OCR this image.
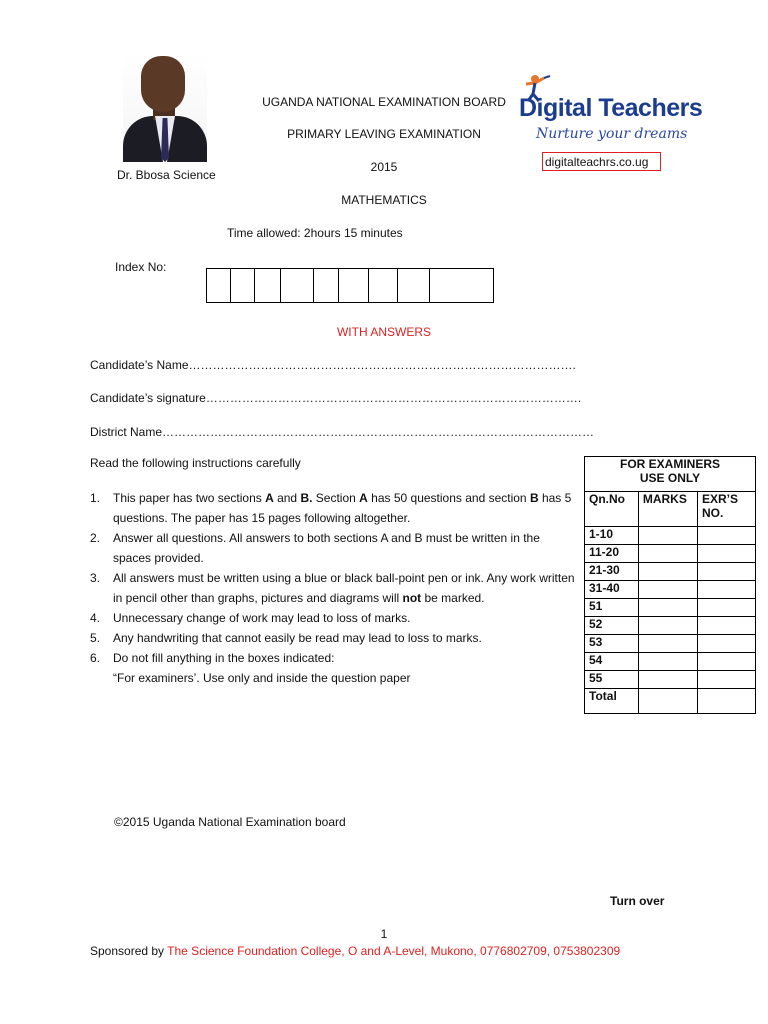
Dr. Bbosa Science
UGANDA NATIONAL EXAMINATION BOARD
PRIMARY LEAVING EXAMINATION
2015
MATHEMATICS
Time allowed: 2hours 15 minutes
Digital Teachers
Nurture your dreams
digitalteachrs.co.ug
Index No:
WITH ANSWERS
Candidate’s Name…………………………………………………………………………………….
Candidate’s signature………………………………………………………………………………….
District Name………………………………………………………………………………………………
Read the following instructions carefully
1.	This paper has two sections A and B. Section A has 50 questions and section B has 5 questions. The paper has 15 pages following altogether.
2.	Answer all questions. All answers to both sections A and B must be written in the spaces provided.
3.	All answers must be written using a blue or black ball-point pen or ink. Any work written in pencil other than graphs, pictures and diagrams will not be marked.
4.	Unnecessary change of work may lead to loss of marks.
5.	Any handwriting that cannot easily be read may lead to loss to marks.
6.	Do not fill anything in the boxes indicated:
“For examiners’. Use only and inside the question paper
FOR EXAMINERS
USE ONLY		
Qn.No	MARKS	EXR’S NO.
1-10		
11-20		
21-30		
31-40		
51		
52		
53		
54		
55		
Total		
©2015 Uganda National Examination board
Turn over
1
Sponsored by The Science Foundation College, O and A-Level, Mukono, 0776802709, 0753802309
